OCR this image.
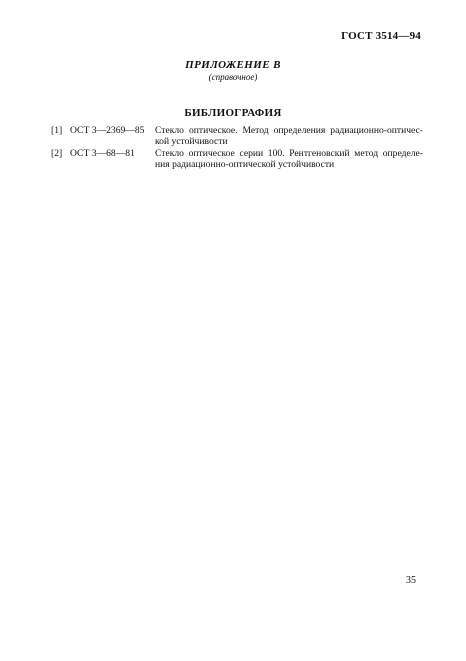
ГОСТ 3514—94
ПРИЛОЖЕНИЕ В
(справочное)
БИБЛИОГРАФИЯ
[1] ОСТ 3—2369—85	Стекло оптическое. Метод определения радиационно-оптичес-
кой устойчивости
[2] ОСТ 3—68—81	Стекло оптическое серии 100. Рентгеновский метод определе-
ния радиационно-оптической устойчивости
35
